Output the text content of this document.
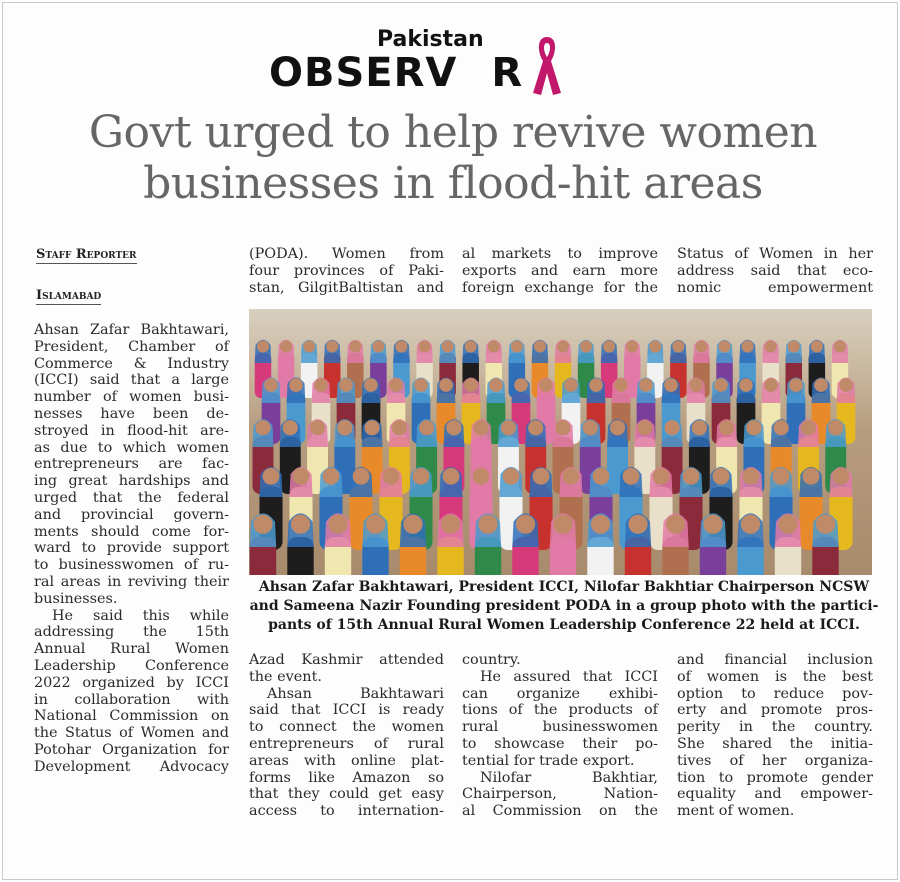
Pakistan
OBSERV R
Govt urged to help revive women
businesses in flood-hit areas
Staff Reporter
Islamabad

Ahsan Zafar Bakhtawari,

President, Chamber of

Commerce & Industry

(ICCI) said that a large

number of women busi-

nesses have been de-

stroyed in flood-hit are-

as due to which women

entrepreneurs are fac-

ing great hardships and

urged that the federal

and provincial govern-

ments should come for-

ward to provide support

to businesswomen of ru-

ral areas in reviving their

businesses.

He said this while

addressing the 15th

Annual Rural Women

Leadership Conference

2022 organized by ICCI

in collaboration with

National Commission on

the Status of Women and

Potohar Organization for

Development Advocacy

(PODA). Women from

four provinces of Paki-

stan, GilgitBaltistan and

al markets to improve

exports and earn more

foreign exchange for the

Status of Women in her

address said that eco-

nomic empowerment

Ahsan Zafar Bakhtawari, President ICCI, Nilofar Bakhtiar Chairperson NCSW
and Sameena Nazir Founding president PODA in a group photo with the partici-
pants of 15th Annual Rural Women Leadership Conference 22 held at ICCI.

Azad Kashmir attended

the event.

Ahsan Bakhtawari

said that ICCI is ready

to connect the women

entrepreneurs of rural

areas with online plat-

forms like Amazon so

that they could get easy

access to internation-

country.

He assured that ICCI

can organize exhibi-

tions of the products of

rural businesswomen

to showcase their po-

tential for trade export.

Nilofar Bakhtiar,

Chairperson, Nation-

al Commission on the

and financial inclusion

of women is the best

option to reduce pov-

erty and promote pros-

perity in the country.

She shared the initia-

tives of her organiza-

tion to promote gender

equality and empower-

ment of women.
